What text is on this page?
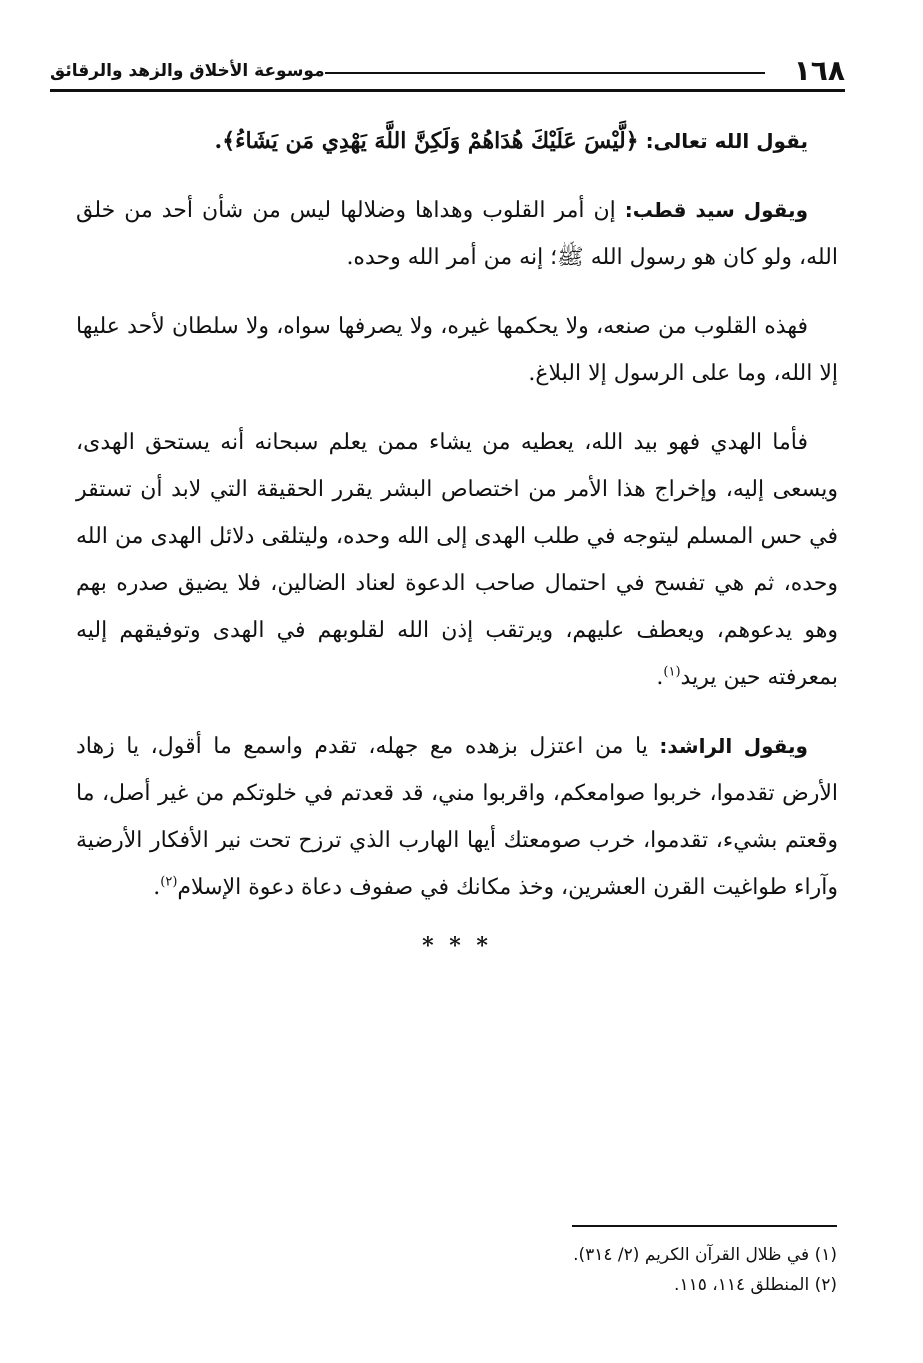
١٦٨
موسوعة الأخلاق والزهد والرقائق

يقول الله تعالى: ﴿لَّيْسَ عَلَيْكَ هُدَاهُمْ وَلَكِنَّ اللَّهَ يَهْدِي مَن يَشَاءُ﴾.

ويقول سيد قطب: إن أمر القلوب وهداها وضلالها ليس من شأن أحد من خلق الله، ولو كان هو رسول الله ﷺ؛ إنه من أمر الله وحده.

فهذه القلوب من صنعه، ولا يحكمها غيره، ولا يصرفها سواه، ولا سلطان لأحد عليها إلا الله، وما على الرسول إلا البلاغ.

فأما الهدي فهو بيد الله، يعطيه من يشاء ممن يعلم سبحانه أنه يستحق الهدى، ويسعى إليه، وإخراج هذا الأمر من اختصاص البشر يقرر الحقيقة التي لابد أن تستقر في حس المسلم ليتوجه في طلب الهدى إلى الله وحده، وليتلقى دلائل الهدى من الله وحده، ثم هي تفسح في احتمال صاحب الدعوة لعناد الضالين، فلا يضيق صدره بهم وهو يدعوهم، ويعطف عليهم، ويرتقب إذن الله لقلوبهم في الهدى وتوفيقهم إليه بمعرفته حين يريد$^{(١)}$.

ويقول الراشد: يا من اعتزل بزهده مع جهله، تقدم واسمع ما أقول، يا زهاد الأرض تقدموا، خربوا صوامعكم، واقربوا مني، قد قعدتم في خلوتكم من غير أصل، ما وقعتم بشيء، تقدموا، خرب صومعتك أيها الهارب الذي ترزح تحت نير الأفكار الأرضية وآراء طواغيت القرن العشرين، وخذ مكانك في صفوف دعاة دعوة الإسلام$^{(٢)}$.

* * *

(١) في ظلال القرآن الكريم (٢/ ٣١٤).

(٢) المنطلق ١١٤، ١١٥.
